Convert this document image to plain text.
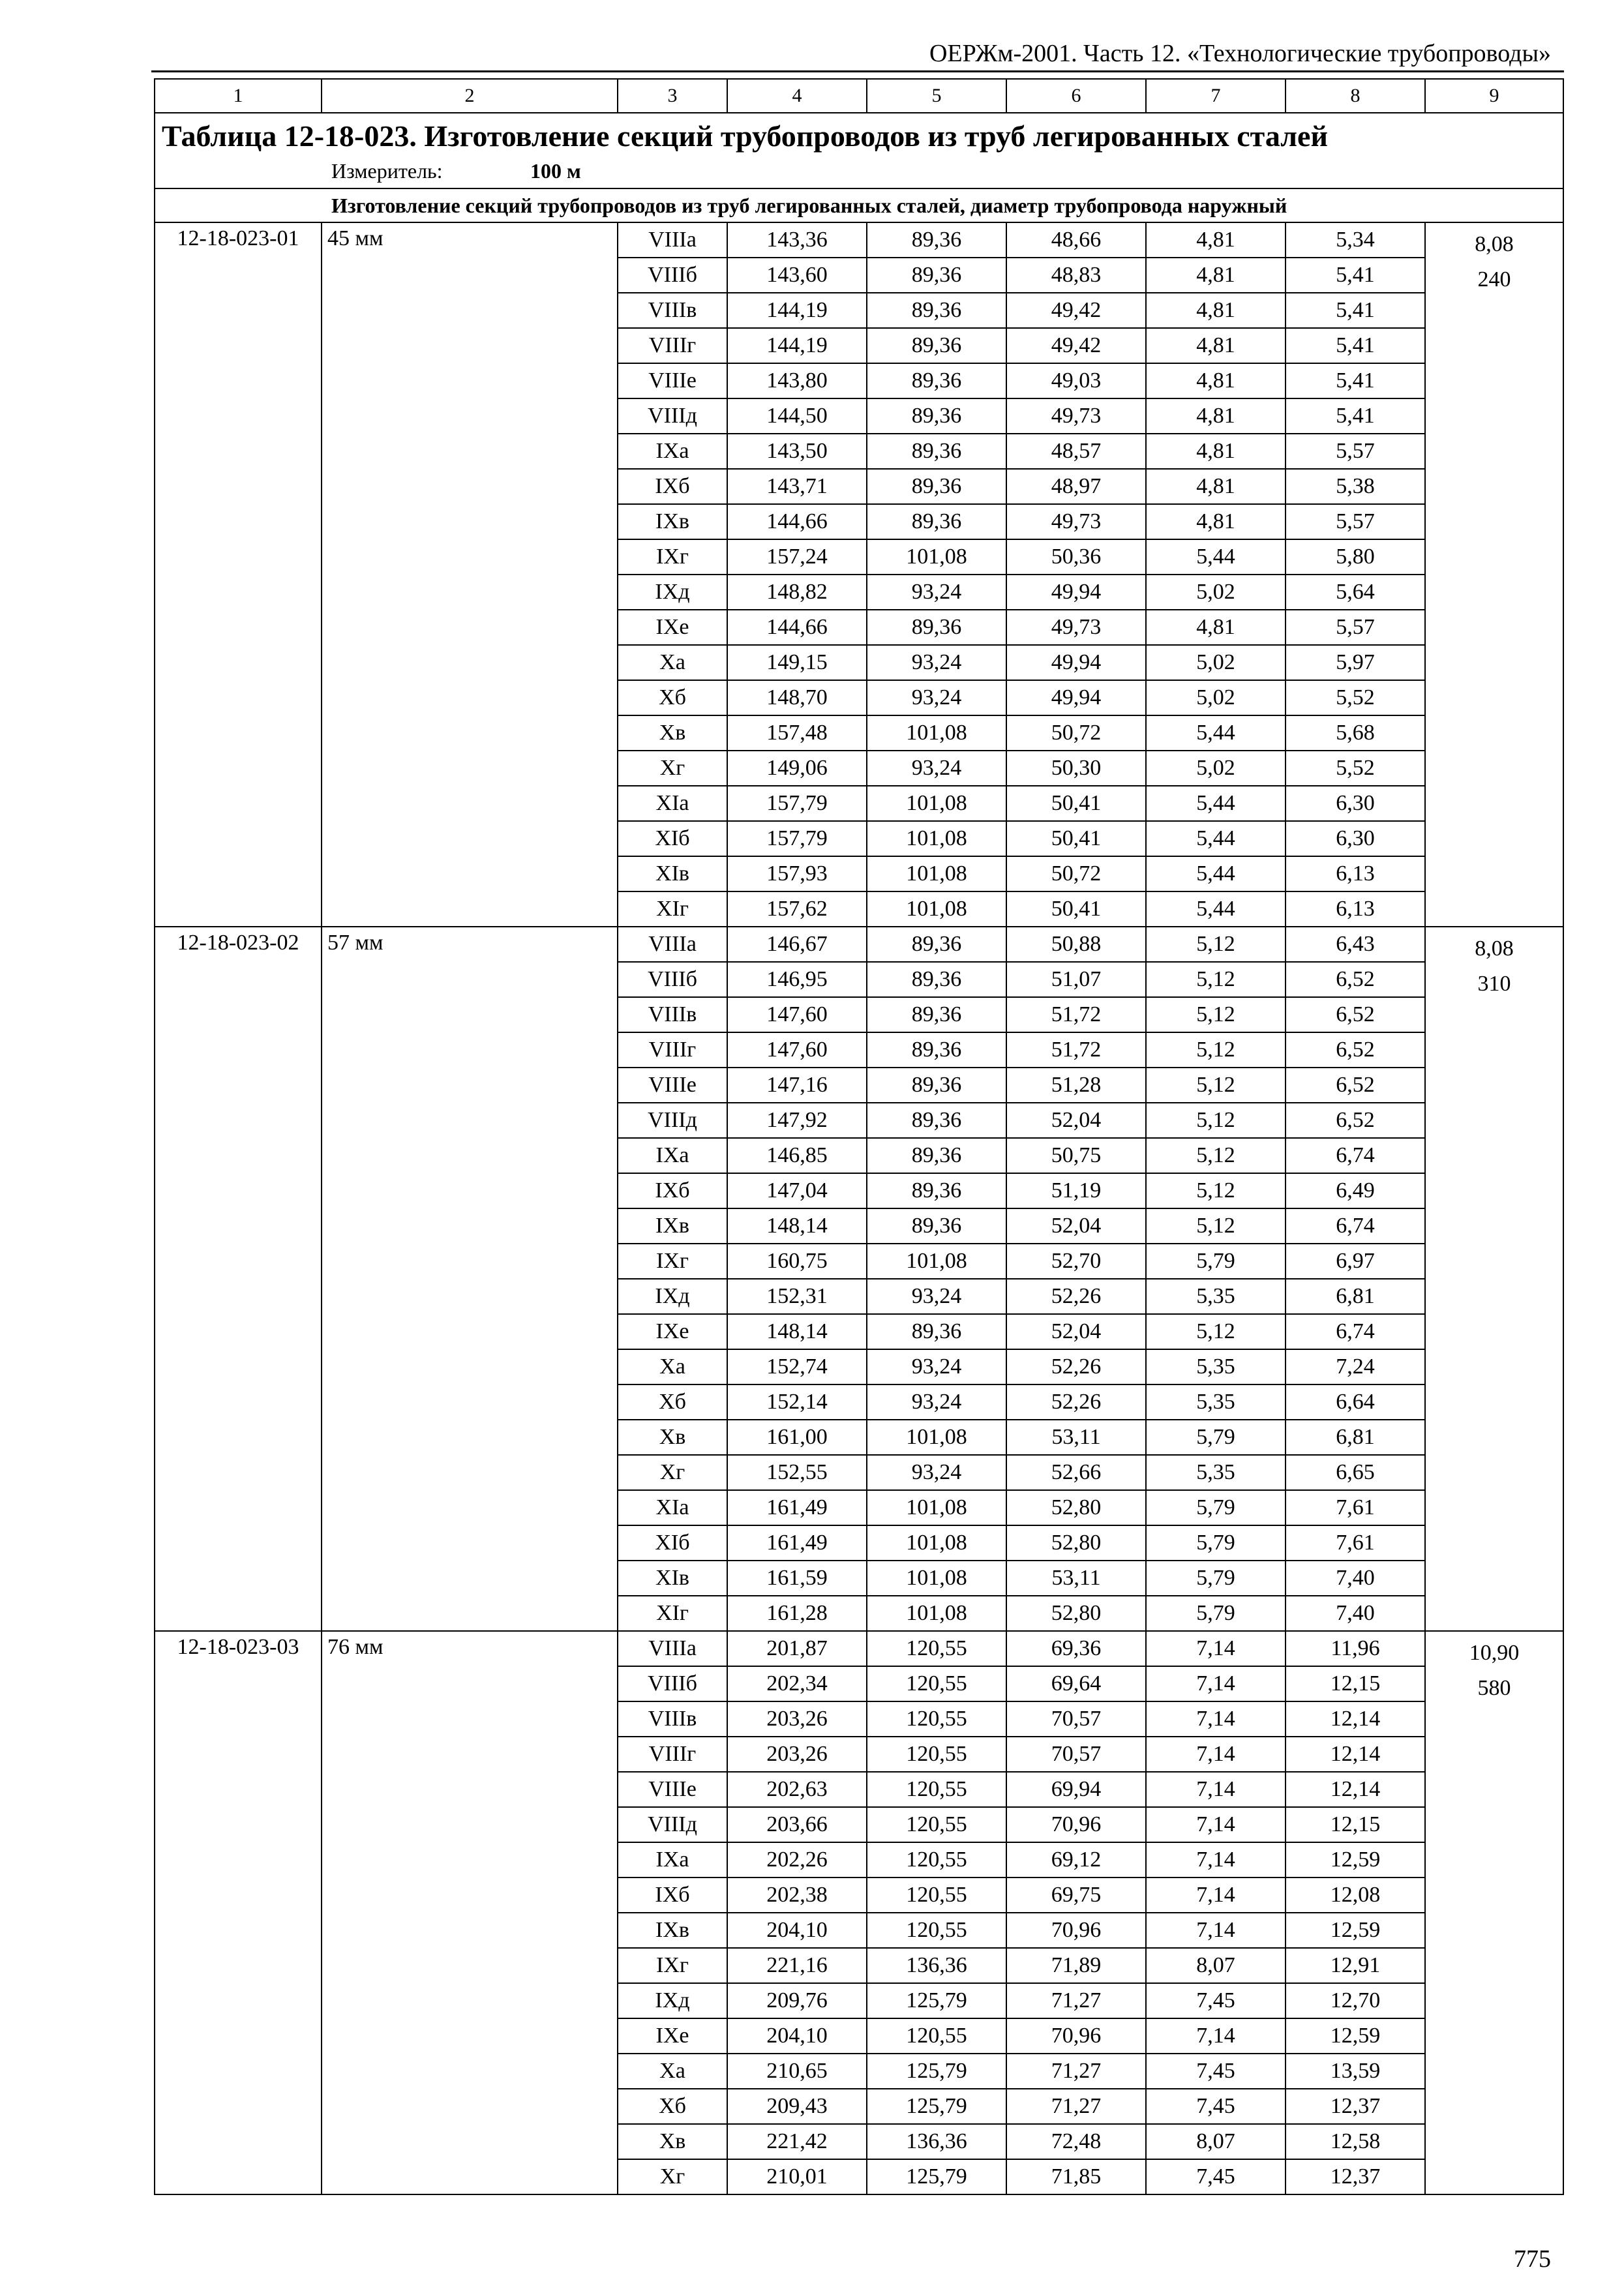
ОЕРЖм-2001. Часть 12. «Технологические трубопроводы»
1	2	3	4	5	6	7	8	9

Таблица 12-18-023. Изготовление секций трубопроводов из труб легированных сталей
Измеритель: 100 м								

Изготовление секций трубопроводов из труб легированных сталей, диаметр трубопровода наружный								
12-18-023-01	45 мм	VIIIа	143,36	89,36	48,66	4,81	5,34	8,08
240

		VIIIб	143,60	89,36	48,83	4,81	5,41	
		VIIIв	144,19	89,36	49,42	4,81	5,41	
		VIIIг	144,19	89,36	49,42	4,81	5,41	
		VIIIе	143,80	89,36	49,03	4,81	5,41	
		VIIIд	144,50	89,36	49,73	4,81	5,41	
		IXа	143,50	89,36	48,57	4,81	5,57	
		IXб	143,71	89,36	48,97	4,81	5,38	
		IXв	144,66	89,36	49,73	4,81	5,57	
		IXг	157,24	101,08	50,36	5,44	5,80	
		IXд	148,82	93,24	49,94	5,02	5,64	
		IXе	144,66	89,36	49,73	4,81	5,57	
		Xа	149,15	93,24	49,94	5,02	5,97	
		Xб	148,70	93,24	49,94	5,02	5,52	
		Xв	157,48	101,08	50,72	5,44	5,68	
		Xг	149,06	93,24	50,30	5,02	5,52	
		XIа	157,79	101,08	50,41	5,44	6,30	
		XIб	157,79	101,08	50,41	5,44	6,30	
		XIв	157,93	101,08	50,72	5,44	6,13	
		XIг	157,62	101,08	50,41	5,44	6,13	
12-18-023-02	57 мм	VIIIа	146,67	89,36	50,88	5,12	6,43	8,08
310

		VIIIб	146,95	89,36	51,07	5,12	6,52	
		VIIIв	147,60	89,36	51,72	5,12	6,52	
		VIIIг	147,60	89,36	51,72	5,12	6,52	
		VIIIе	147,16	89,36	51,28	5,12	6,52	
		VIIIд	147,92	89,36	52,04	5,12	6,52	
		IXа	146,85	89,36	50,75	5,12	6,74	
		IXб	147,04	89,36	51,19	5,12	6,49	
		IXв	148,14	89,36	52,04	5,12	6,74	
		IXг	160,75	101,08	52,70	5,79	6,97	
		IXд	152,31	93,24	52,26	5,35	6,81	
		IXе	148,14	89,36	52,04	5,12	6,74	
		Xа	152,74	93,24	52,26	5,35	7,24	
		Xб	152,14	93,24	52,26	5,35	6,64	
		Xв	161,00	101,08	53,11	5,79	6,81	
		Xг	152,55	93,24	52,66	5,35	6,65	
		XIа	161,49	101,08	52,80	5,79	7,61	
		XIб	161,49	101,08	52,80	5,79	7,61	
		XIв	161,59	101,08	53,11	5,79	7,40	
		XIг	161,28	101,08	52,80	5,79	7,40	
12-18-023-03	76 мм	VIIIа	201,87	120,55	69,36	7,14	11,96	10,90
580

		VIIIб	202,34	120,55	69,64	7,14	12,15	
		VIIIв	203,26	120,55	70,57	7,14	12,14	
		VIIIг	203,26	120,55	70,57	7,14	12,14	
		VIIIе	202,63	120,55	69,94	7,14	12,14	
		VIIIд	203,66	120,55	70,96	7,14	12,15	
		IXа	202,26	120,55	69,12	7,14	12,59	
		IXб	202,38	120,55	69,75	7,14	12,08	
		IXв	204,10	120,55	70,96	7,14	12,59	
		IXг	221,16	136,36	71,89	8,07	12,91	
		IXд	209,76	125,79	71,27	7,45	12,70	
		IXе	204,10	120,55	70,96	7,14	12,59	
		Xа	210,65	125,79	71,27	7,45	13,59	
		Xб	209,43	125,79	71,27	7,45	12,37	
		Xв	221,42	136,36	72,48	8,07	12,58	
		Xг	210,01	125,79	71,85	7,45	12,37	
775
